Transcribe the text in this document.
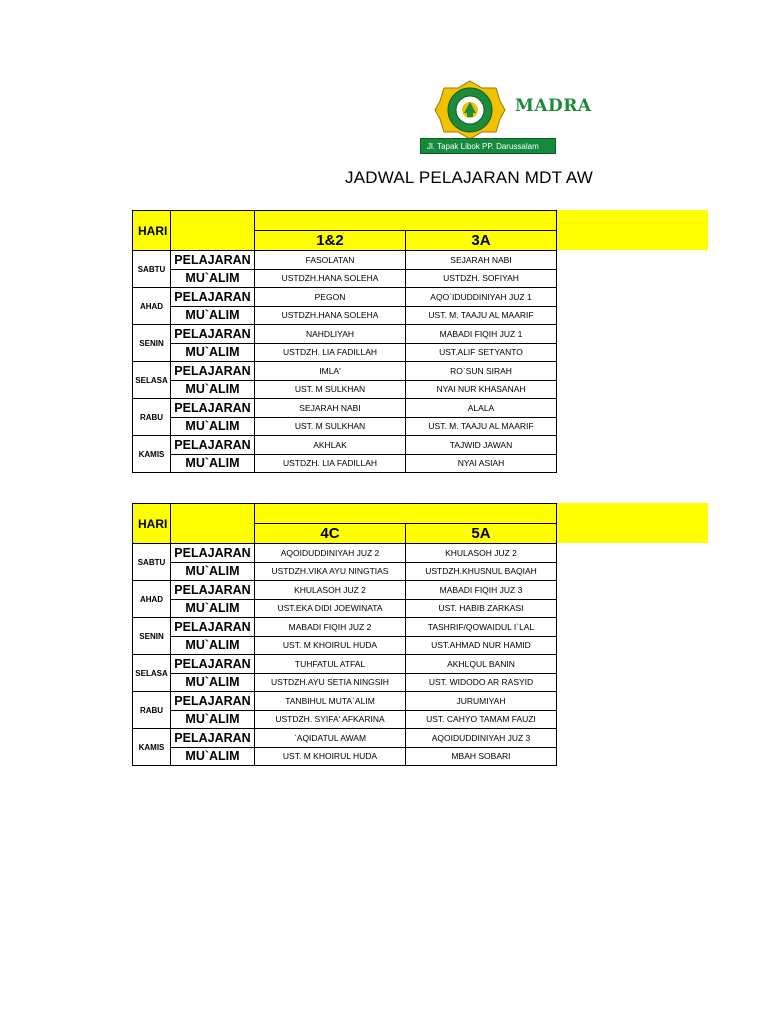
MADRA
Jl. Tapak Libok PP. Darussalam
JADWAL PELAJARAN MDT AW
HARI			
		1&2	3A
SABTU	PELAJARAN	FASOLATAN	SEJARAH NABI
	MU`ALIM	USTDZH.HANA SOLEHA	USTDZH. SOFIYAH
AHAD	PELAJARAN	PEGON	AQO`IDUDDINIYAH JUZ 1
	MU`ALIM	USTDZH.HANA SOLEHA	UST. M. TAAJU AL MAARIF
SENIN	PELAJARAN	NAHDLIYAH	MABADI FIQIH JUZ 1
	MU`ALIM	USTDZH. LIA FADILLAH	UST.ALIF SETYANTO
SELASA	PELAJARAN	IMLA'	RO`SUN SIRAH
	MU`ALIM	UST. M SULKHAN	NYAI NUR KHASANAH
RABU	PELAJARAN	SEJARAH NABI	ALALA
	MU`ALIM	UST. M SULKHAN	UST. M. TAAJU AL MAARIF
KAMIS	PELAJARAN	AKHLAK	TAJWID JAWAN
	MU`ALIM	USTDZH. LIA FADILLAH	NYAI ASIAH
HARI			
		4C	5A
SABTU	PELAJARAN	AQOIDUDDINIYAH JUZ 2	KHULASOH JUZ 2
	MU`ALIM	USTDZH.VIKA AYU NINGTIAS	USTDZH.KHUSNUL BAQIAH
AHAD	PELAJARAN	KHULASOH JUZ 2	MABADI FIQIH JUZ 3
	MU`ALIM	UST.EKA DIDI JOEWINATA	UST. HABIB ZARKASI
SENIN	PELAJARAN	MABADI FIQIH JUZ 2	TASHRIF/QOWAIDUL I`LAL
	MU`ALIM	UST. M KHOIRUL HUDA	UST.AHMAD NUR HAMID
SELASA	PELAJARAN	TUHFATUL ATFAL	AKHLQUL BANIN
	MU`ALIM	USTDZH.AYU SETIA NINGSIH	UST. WIDODO AR RASYID
RABU	PELAJARAN	TANBIHUL MUTA`ALIM	JURUMIYAH
	MU`ALIM	USTDZH. SYIFA' AFKARINA	UST. CAHYO TAMAM FAUZI
KAMIS	PELAJARAN	`AQIDATUL AWAM	AQOIDUDDINIYAH JUZ 3
	MU`ALIM	UST. M KHOIRUL HUDA	MBAH SOBARI
